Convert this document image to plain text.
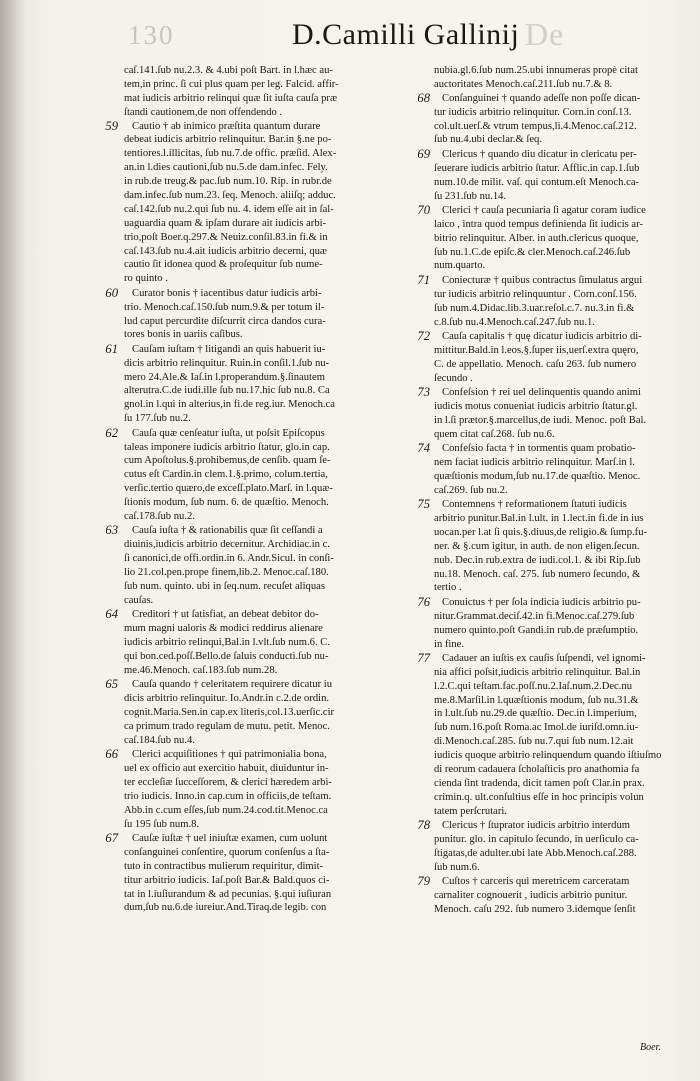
130	De
D.Camilli Gallinij
caſ.141.ſub nu.2.3. & 4.ubi poſt Bart. in l.hæc au-
tem,in princ. ſi cui plus quam per leg. Falcid. affir-
mat iudicis arbitrio relinqui quæ ſit iuſta cauſa præ
ſtandi cautionem,de non offendendo .
59	Cautio † ab inimico præſtita quantum durare
debeat iudicis arbitrio relinquitur. Bar.in §.ne po-
tentiores.l.illicitas, ſub nu.7.de offic. præſid. Alex-
an.in l.dies cautioni,ſub nu.5.de dam.infec. Fely.
in rub.de treug.& pac.ſub num.10. Rip. in rubr.de
dam.infec.ſub num.23. ſeq. Menoch. aliiſq; adduc.
caſ.142.ſub nu.2.qui ſub nu. 4. idem eſſe ait in ſal-
uaguardia quam & ipſam durare ait iudicis arbi-
trio,poſt Boer.q.297.& Neuiz.conſil.83.in fi.& in
caſ.143.ſub nu.4.ait iudicis arbitrio decerni, quæ
cautio ſit idonea quod & proſequitur ſub nume-
ro quinto .
60	Curator bonis † iacentibus datur iudicis arbi-
trio. Menoch.caſ.150.ſub num.9.& per totum il-
lud caput percurdite diſcurrit circa dandos cura-
tores bonis in uariis caſibus.
61	Cauſam iuſtam † litigandi an quis habuerit iu-
dicis arbitrio relinquitur. Ruin.in conſil.1.ſub nu-
mero 24.Ale.& Iaſ.in l.properandum.§.ſinautem
alterutra.C.de iudi.ille ſub nu.17.hic ſub nu.8. Ca
gnol.in l.qui in alterius,in fi.de reg.iur. Menoch.ca
ſu 177.ſub nu.2.
62	Cauſa quæ cenſeatur iuſta, ut poſsit Epiſcopus
taleas imponere iudicis arbitrio ſtatur, glo.in cap.
cum Apoſtolus.§.prohibemus,de cenſib. quam ſe-
cutus eſt Cardin.in clem.1.§.primo, colum.tertia,
verſic.tertio quæro,de exceſſ.plato.Marſ. in l.quæ-
ſtionis modum, ſub num. 6. de quæſtio. Menoch.
caſ.178.ſub nu.2.
63	Cauſa iuſta † & rationabilis quæ ſit ceſſandi a
diuinis,iudicis arbitrio decernitur. Archidiac.in c.
ſi canonici,de offi.ordin.in 6. Andr.Sicul. in conſi-
lio 21.col.pen.prope finem,lib.2. Menoc.caſ.180.
ſub num. quinto. ubi in ſeq.num. recuſet aliquas
cauſas.
64	Creditori † ut ſatisfiat, an debeat debitor do-
mum magni ualoris & modici reddirus alienare
iudicis arbitrio relinqui,Bal.in l.vlt.ſub num.6. C.
qui bon.ced.poſſ.Bello.de ſaluis conducti.ſub nu-
me.46.Menoch. caſ.183.ſub num.28.
65	Cauſa quando † celeritatem requirere dicatur iu
dicis arbitrio relinquitur. Io.Andr.in c.2.de ordin.
cognit.Maria.Sen.in cap.ex literis,col.13.uerſic.cir
ca primum trado regulam de mutu. petit. Menoc.
caſ.184.ſub nu.4.
66	Clerici acquiſitiones † qui patrimonialia bona,
uel ex officio aut exercitio habuit, diuiduntur in-
ter eccleſiæ ſucceſſorem, & clerici hæredem arbi-
trio iudicis. Inno.in cap.cum in officiis,de teſtam.
Abb.in c.cum eſſes,ſub num.24.cod.tit.Menoc.ca
ſu 195 ſub num.8.
67	Cauſæ iuſtæ † uel iniuſtæ examen, cum uolunt
conſanguinei conſentire, quorum conſenſus a ſta-
tuto in contractibus mulierum requiritur, dimit-
titur arbitrio iudicis. Iaſ.poſt Bar.& Bald.quos ci-
tat in l.iuſiurandum & ad pecunias. §.qui iuſiuran
dum,ſub nu.6.de iureiur.And.Tiraq.de legib. con
nubia.gl.6.ſub num.25.ubi innumeras propè citat
auctoritates Menoch.caſ.211.ſub nu.7.& 8.
68	Conſanguinei † quando adeſſe non poſſe dican-
tur iudicis arbitrio relinquitur. Corn.in conſ.13.
col.ult.uerſ.& vtrum tempus,li.4.Menoc.caſ.212.
ſub nu.4.ubi declar.& ſeq.
69	Clericus † quando diu dicatur in clericatu per-
ſeuerare iudicis arbitrio ſtatur. Afflic.in cap.1.ſub
num.10.de milit. vaſ. qui contum.eſt Menoch.ca-
ſu 231.ſub nu.14.
70	Clerici † cauſa pecuniaria ſi agatur coram iudice
laico , intra quod tempus definienda ſit iudicis ar-
bitrio relinquitur. Alber. in auth.clericus quoque,
ſub nu.1.C.de epiſc.& cler.Menoch.caſ.246.ſub
num.quarto.
71	Coniecturæ † quibus contractus ſimulatus argui
tur iudicis arbitrio relinquuntur . Corn.conſ.156.
ſub num.4.Didac.lib.3.uar.reſol.c.7. nu.3.in fi.&
c.8.ſub nu.4.Menoch.caſ.247.ſub nu.1.
72	Cauſa capitalis † quę dicatur iudicis arbitrio di-
mittitur.Bald.in l.eos.§.ſuper iis,uerſ.extra quęro,
C. de appellatio. Menoch. caſu 263. ſub numero
ſecundo .
73	Confeſsion † rei uel delinquentis quando animi
iudicis motus conueniat iudicis arbitrio ſtatur.gl.
in l.ſi prætor.§.marcellus,de iudi. Menoc. poſt Bal.
quem citat caſ.268. ſub nu.6.
74	Confeſsio facta † in tormentis quam probatio-
nem faciat iudicis arbitrio relinquitur. Marſ.in l.
quæſtionis modum,ſub nu.17.de quæſtio. Menoc.
caſ.269. ſub nu.2.
75	Contemnens † reformationem ſtatuti iudicis
arbitrio punitur.Bal.in l.ult. in 1.lect.in fi.de in ius
uocan.per l.at ſi quis.§.diuus,de religio.& ſump.fu-
ner. & §.cum igitur, in auth. de non eligen.ſecun.
nub. Dec.in rub.extra de iudi.col.1. & ibi Rip.ſub
nu.18. Menoch. caſ. 275. ſub numero ſecundo, &
tertio .
76	Conuictus † per ſola indicia iudicis arbitrio pu-
nitur.Grammat.deciſ.42.in fi.Menoc.caſ.279.ſub
numero quinto.poſt Gandi.in rub.de præſumptio.
in fine.
77	Cadauer an iuſtis ex cauſis ſuſpendi, vel ignomi-
nia affici poſsit,iudicis arbitrio relinquitur. Bal.in
l.2.C.qui teſtam.fac.poſſ.nu.2.Iaſ.num.2.Dec.nu
me.8.Marſil.in l.quæſtionis modum, ſub nu.31.&
in l.ult.ſub nu.29.de quæſtio. Dec.in l.imperium,
ſub num.16.poſt Roma.ac Imol.de iuriſd.omn.iu-
di.Menoch.caſ.285. ſub nu.7.qui ſub num.12.ait
iudicis quoque arbitrio relinquendum quando iſtiuſmo
di reorum cadauera ſcholaſticis pro anathomia fa
cienda ſint tradenda, dicit tamen poſt Clar.in prax.
crimin.q. ult.conſultius eſſe in hoc principis volun
tatem perſcrutari.
78	Clericus † ſtuprator iudicis arbitrio interdum
punitur. glo. in capitulo ſecundo, in uerſiculo ca-
ſtigatas,de adulter.ubi late Abb.Menoch.caſ.288.
ſub num.6.
79	Cuſtos † carceris qui meretricem carceratam
carnaliter cognouerit , iudicis arbitrio punitur.
Menoch. caſu 292. ſub numero 3.idemque ſenſit
Boer.
